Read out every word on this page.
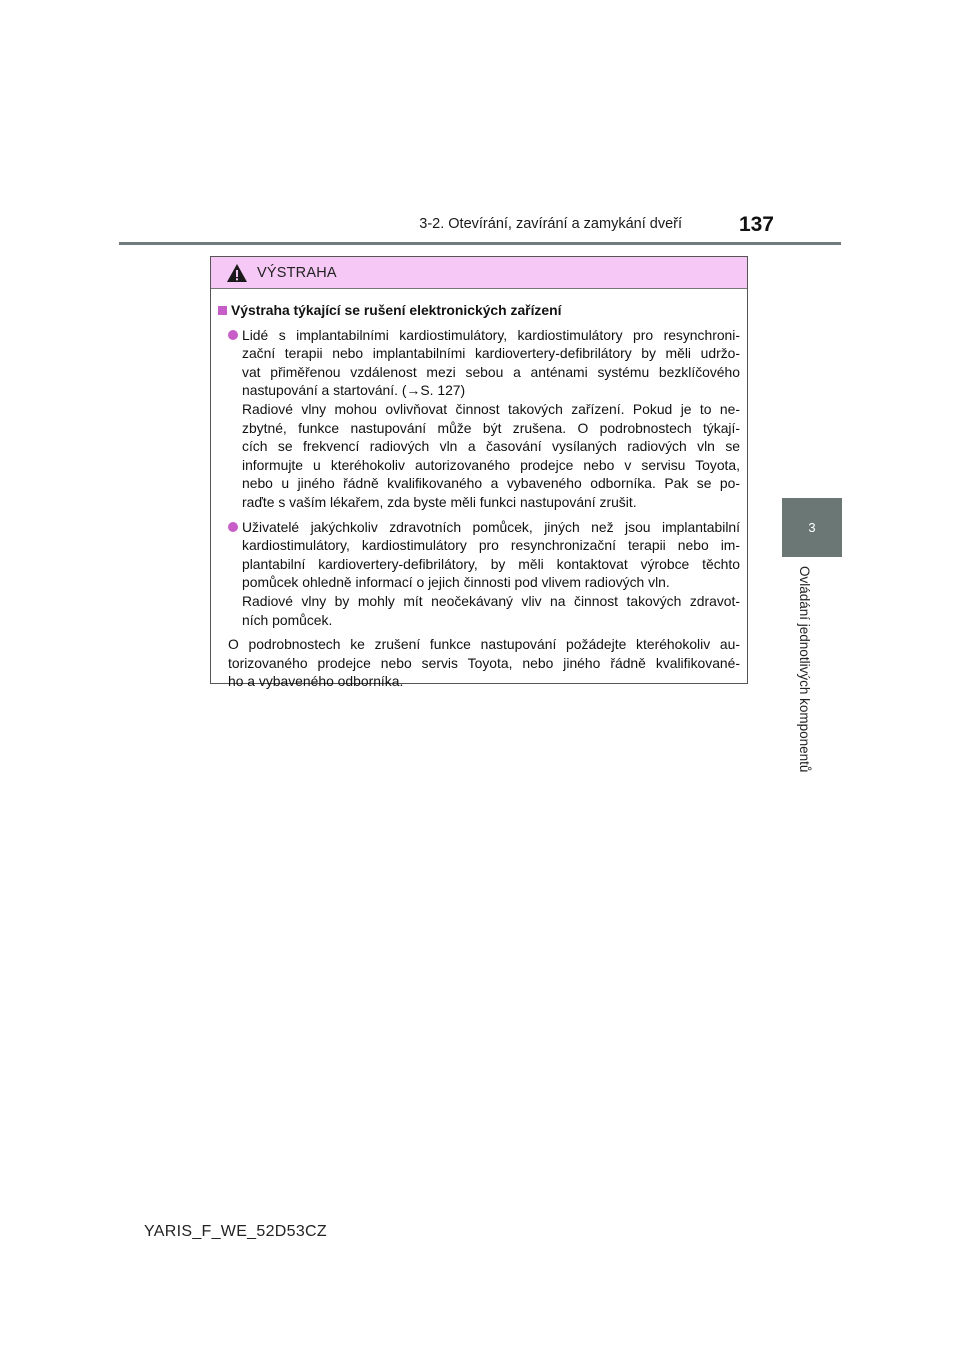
3-2. Otevírání, zavírání a zamykání dveří	137
3
Ovládání jednotlivých komponentů
VÝSTRAHA
Výstraha týkající se rušení elektronických zařízení
Lidé s implantabilními kardiostimulátory, kardiostimulátory pro resynchroni-
zační terapii nebo implantabilními kardiovertery-defibrilátory by měli udržo-
vat přiměřenou vzdálenost mezi sebou a anténami systému bezklíčového
nastupování a startování. (→S. 127)
Radiové vlny mohou ovlivňovat činnost takových zařízení. Pokud je to ne-
zbytné, funkce nastupování může být zrušena. O podrobnostech týkají-
cích se frekvencí radiových vln a časování vysílaných radiových vln se
informujte u kteréhokoliv autorizovaného prodejce nebo v servisu Toyota,
nebo u jiného řádně kvalifikovaného a vybaveného odborníka. Pak se po-
raďte s vaším lékařem, zda byste měli funkci nastupování zrušit.
Uživatelé jakýchkoliv zdravotních pomůcek, jiných než jsou implantabilní
kardiostimulátory, kardiostimulátory pro resynchronizační terapii nebo im-
plantabilní kardiovertery-defibrilátory, by měli kontaktovat výrobce těchto
pomůcek ohledně informací o jejich činnosti pod vlivem radiových vln.
Radiové vlny by mohly mít neočekávaný vliv na činnost takových zdravot-
ních pomůcek.
O podrobnostech ke zrušení funkce nastupování požádejte kteréhokoliv au-
torizovaného prodejce nebo servis Toyota, nebo jiného řádně kvalifikované-
ho a vybaveného odborníka.
YARIS_F_WE_52D53CZ
